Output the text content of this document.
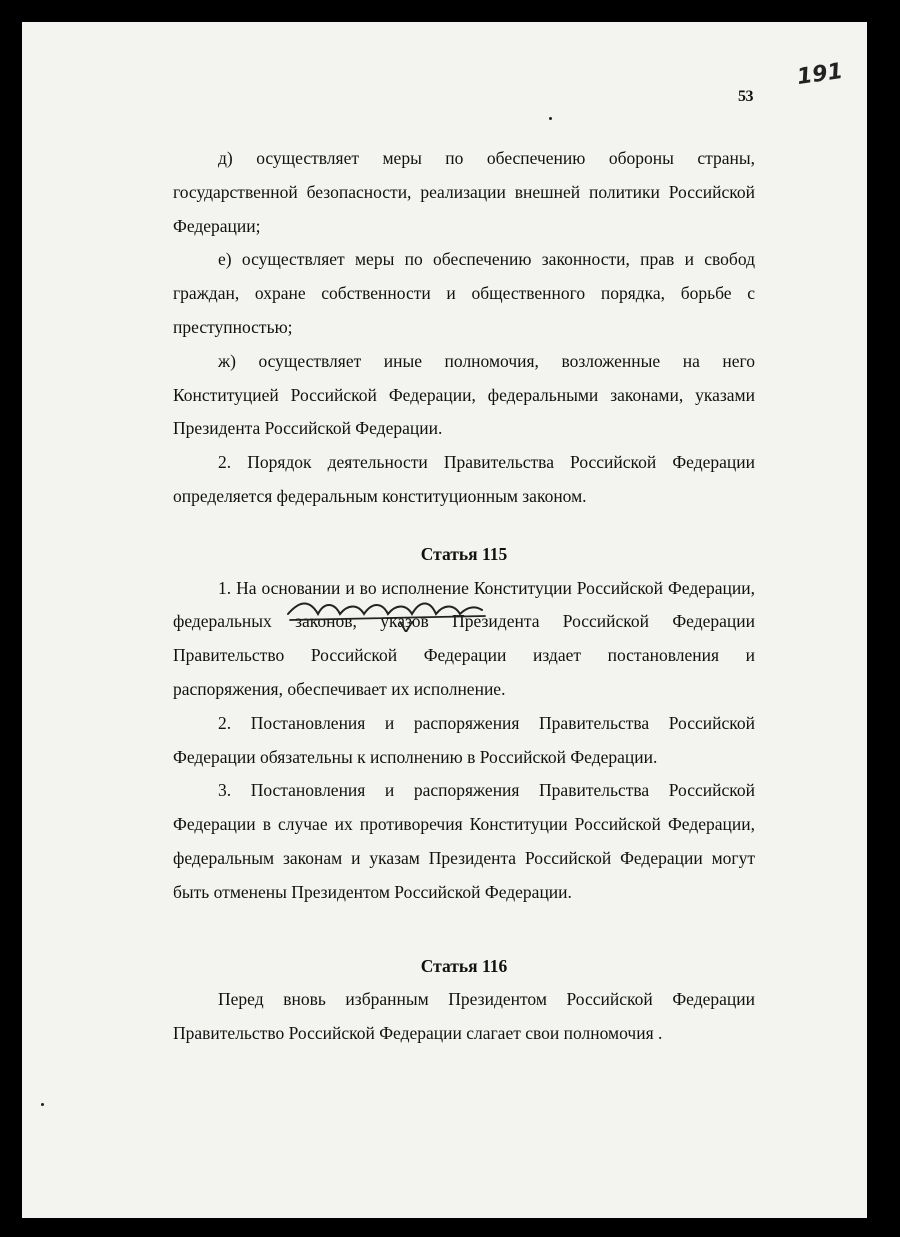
53
191

д) осуществляет меры по обеспечению обороны страны, государственной безопасности, реализации внешней политики Российской Федерации;

е) осуществляет меры по обеспечению законности, прав и свобод граждан, охране собственности и общественного порядка, борьбе с преступностью;

ж) осуществляет иные полномочия, возложенные на него Конституцией Российской Федерации, федеральными законами, указами Президента Российской Федерации.

2. Порядок деятельности Правительства Российской Федерации определяется федеральным конституционным законом.

Статья 115

1. На основании и во исполнение Конституции Российской Федерации, федеральных законов, указов Президента Российской Федерации Правительство Российской Федерации издает постановления и распоряжения, обеспечивает их исполнение.

2. Постановления и распоряжения Правительства Российской Федерации обязательны к исполнению в Российской Федерации.

3. Постановления и распоряжения Правительства Российской Федерации в случае их противоречия Конституции Российской Федерации, федеральным законам и указам Президента Российской Федерации могут быть отменены Президентом Российской Федерации.

Статья 116

Перед вновь избранным Президентом Российской Федерации Правительство Российской Федерации слагает свои полномочия .
